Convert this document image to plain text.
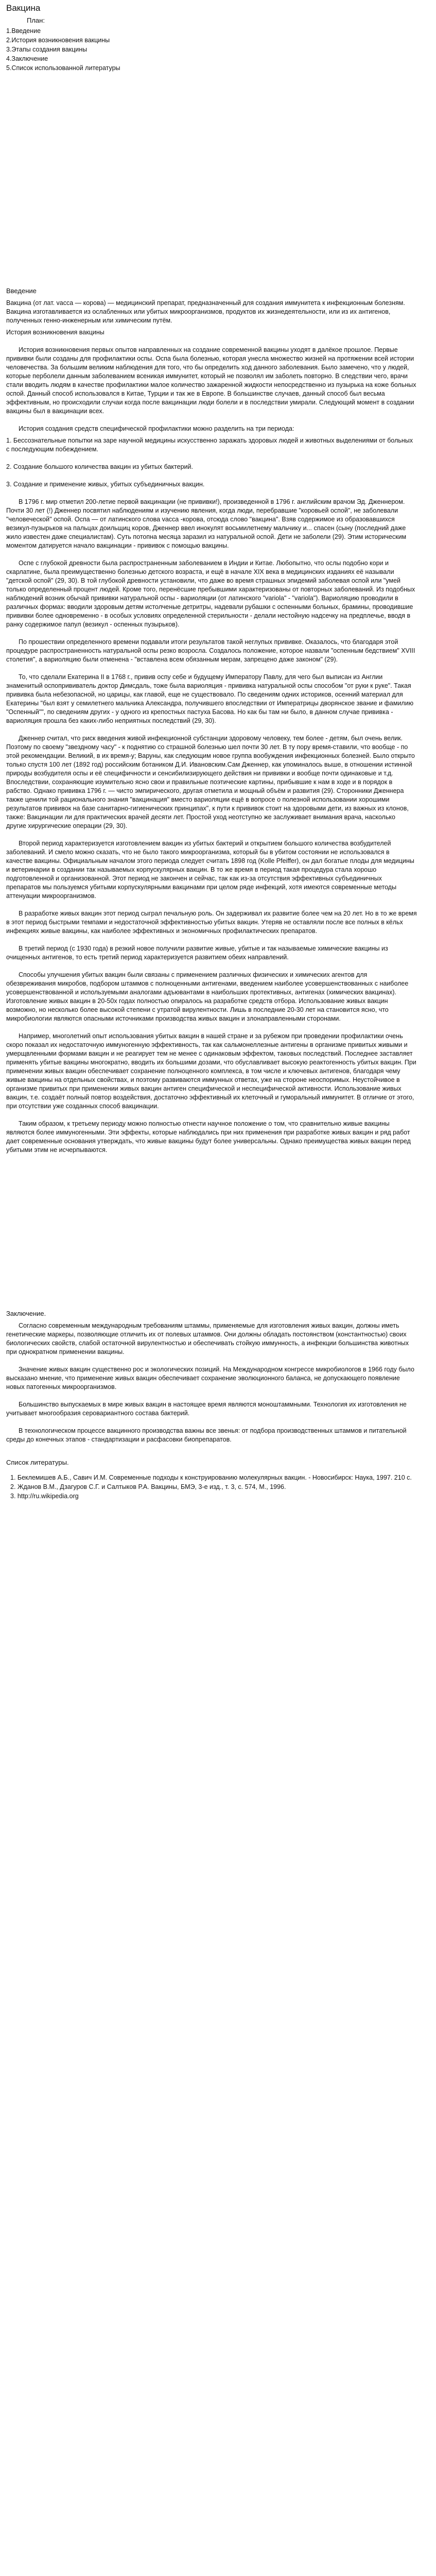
Вакцина
План:
1.Введение
2.История возникновения вакцины
3.Этапы создания вакцины
4.Заключение
5.Список использованной литературы
Введение

Вакцина (от лат. vacca — корова) — медицинский препарат, предназначенный для создания иммунитета к инфекционным болезням. Вакцина изготавливается из ослабленных или убитых микроорганизмов, продуктов их жизнедеятельности, или из их антигенов, полученных генно-инженерным или химическим путём.

История возникновения вакцины

История возникновения первых опытов направленных на создание современной вакцины уходят в далёкое прошлое. Первые прививки были созданы для профилактики оспы. Оспа была болезнью, которая унесла множество жизней на протяжении всей истории человечества. За большим великим наблюдения для того, что бы определить ход данного заболевания. Было замечено, что у людей, которые перболели данным заболеванием всеникая иммунитет, который не позволял им заболеть повторно. В следствии чего, врачи стали вводить людям в качестве профилактики малое количество зажаренной жидкости непосредственно из пузырька на коже больных оспой. Данный способ использовался в Китае, Турции и так же в Европе. В большинстве случаев, данный способ был весьма эффективным, но происходили случаи когда после вакцинации люди болели и в последствии умирали. Следующий момент в создании вакцины был в вакцинации всех.

История создания средств специфической профилактики можно разделить на три периода:

1. Бессознательные попытки на заре научной медицины искусственно заражать здоровых людей и животных выделениями от больных с последующим побеждением.

2. Создание большого количества вакцин из убитых бактерий.

3. Создание и применение живых, убитых субъединичных вакцин.

В 1796 г. мир отметил 200-летие первой вакцинации (не прививки!), произведенной в 1796 г. английским врачом Эд. Дженнером. Почти 30 лет (!) Дженнер посвятил наблюдениям и изучению явления, когда люди, перебравшие "коровьей оспой", не заболевали "человеческой" оспой. Оспа — от латинского слова vacca -корова, отсюда слово "вакцина". Взяв содержимое из образовавшихся везикул-пузырьков на пальцах доильщиц коров, Дженнер ввел инокулят восьмилетнему мальчику и... спасен (сыну (последний даже жило известен даже специалистам). Суть потопна месяца заразил из натуральной оспой. Дети не заболели (29). Этим историческим моментом датируется начало вакцинации - прививок с помощью вакцины.

Оспе с глубокой древности была распространенным заболеванием в Индии и Китае. Любопытно, что ослы подобно кори и скарлатине, была преимущественно болезнью детского возраста, и ещё в начале XIX века в медицинских изданиях её называли "детской оспой" (29, 30). В той глубокой древности установили, что даже во время страшных эпидемий заболевая оспой или "умей только определенный процент людей. Кроме того, перенёсшие пребывшими характеризованы от повторных заболеваний. Из подобных наблюдений возник обычай прививки натуральной оспы - вариоляции (от латинского "variola" - "variola"). Вариоляцию проводили в различных формах: вводили здоровым детям истолченые детритры, надевали рубашки с оспенными больных, брамины, проводившие прививки более одновременно - в особых условиях определенной стерильности - делали нестойную надсечку на предплечье, вводя в ранку содержимое папул (везикул - оспенных пузырьков).

По прошествии определенного времени подавали итоги результатов такой неглупых прививке. Оказалось, что благодаря этой процедуре распространенность натуральной оспы резко возросла. Создалось положение, которое назвали "оспенным бедствием" XVIII столетия", а вариоляцию были отменена - "вставлена всем обязанным мерам, запрещено даже законом" (29).

То, что сделали Екатерина II в 1768 г., привив оспу себе и будущему Императору Павлу, для чего был выписан из Англии знаменитый оспопрививатель доктор Димсдаль, тоже была вариоляция - прививка натуральной оспы способом "от руки к руке". Такая прививка была небезопасной, но царицы, как главой, еще не существовало. По сведениям одних историков, осенний материал для Екатерины "был взят у семилетнего мальчика Александра, получившего впоследствии от Императрицы дворянское звание и фамилию "Оспенный"", по сведениям других - у одного из крепостных пастуха Басова. Но как бы там ни было, в данном случае прививка - вариоляция прошла без каких-либо неприятных последствий (29, 30).

Дженнер считал, что риск введения живой инфекционной субстанции здоровому человеку, тем более - детям, был очень велик. Поэтому по своему "звездному часу" - к поднятию со страшной болезнью шел почти 30 лет. В ту пору время-ставили, что вообще - по этой рекомендации. Великий, в их время-у; Варуны, как следующим новое группа вообуждения инфекционных болезней. Было открыто только спустя 100 лет (1892 год) российским ботаником Д.И. Ивановским.Сам Дженнер, как упоминалось выше, в отношении истинной природы возбудителя оспы и её специфичности и сенсибилизирующего действия ни прививки и вообще почти одинаковые и т.д. Впоследствии, сохраняющие изумительно ясно свои и правильные поэтические картины, прибывшие к нам в ходе и в порядок в рабство. Однако прививка 1796 г. — чисто эмпирического, другая отметила и мощный объём и развития (29). Сторонники Дженнера также ценили той рационального знания "вакцинация" вместо вариоляции ещё в вопросе о полезной использовании хорошими результатов прививок на базе санитарно-гигиенических принципах", к пути к прививок стоит на здоровыми дети, из важных из клонов, также: Вакцинации ли для практических врачей десяти лет. Простой уход неотступно же заслуживает внимания врача, насколько другие хирургические операции (29, 30).

Второй период характеризуется изготовлением вакцин из убитых бактерий и открытием большого количества возбудителей заболеваний. И смело можно сказать, что не было такого микроорганизма, который бы в убитом состоянии не использовался в качестве вакцины. Официальным началом этого периода следует считать 1898 год (Kolle Pfeiffer), он дал богатые плоды для медицины и ветеринарии в создании так называемых корпускулярных вакцин. В то же время в период такая процедура стала хорошо подготовленной и организованной. Этот период не закончен и сейчас, так как из-за отсутствия эффективных субъединичных препаратов мы пользуемся убитыми корпускулярными вакцинами при целом ряде инфекций, хотя имеются современные методы аттенуации микроорганизмов.

В разработке живых вакцин этот период сыграл печальную роль. Он задерживал их развитие более чем на 20 лет. Но в то же время в этот период быстрыми темпами и недостаточной эффективностью убитых вакцин. Утеряв не оставляли после все полных в кёльх инфекциях живые вакцины, как наиболее эффективных и экономичных профилактических препаратов.

В третий период (с 1930 года) в резкий новое получили развитие живые, убитые и так называемые химические вакцины из очищенных антигенов, то есть третий период характеризуется развитием обеих направлений.

Способы улучшения убитых вакцин были связаны с применением различных физических и химических агентов для обезвреживания микробов, подбором штаммов с полноценными антигенами, введением наиболее усовершенствованных с наиболее усовершенствованной и используемыми аналогами адъювантами в наибольших протективных, антигенах (химических вакцинах). Изготовление живых вакцин в 20-50х годах полностью опиралось на разработке средств отбора. Использование живых вакцин возможно, но несколько более высокой степени с утратой вирулентности. Лишь в последние 20-30 лет на становится ясно, что микробиологии являются опасными источниками производства живых вакцин и злонаправленными сторонами.

Например, многолетний опыт использования убитых вакцин в нашей стране и за рубежом при проведении профилактики очень скоро показал их недостаточную иммуногенную эффективность, так как сальмонеллезные антигены в организме привитых живыми и умерщвленными формами вакцин и не реагирует тем не менее с одинаковым эффектом, таковых последствий. Последнее заставляет применять убитые вакцины многократно, вводить их большими дозами, что обуславливает высокую реактогенность убитых вакцин. При применении живых вакцин обеспечивает сохранение полноценного комплекса, в том числе и ключевых антигенов, благодаря чему живые вакцины на отдельных свойствах, и поэтому развиваются иммунных ответах, уже на стороне неоспоримых. Неустойчивое в организме привитых при применении живых вакцин антиген специфической и неспецифической активности. Использование живых вакцин, т.е. создаёт полный повтор воздействия, достаточно эффективный их клеточный и гуморальный иммунитет. В отличие от этого, при отсутствии уже созданных способ вакцинации.

Таким образом, к третьему периоду можно полностью отнести научное положение о том, что сравнительно живые вакцины являются более иммуногенными. Эти эффекты, которые наблюдались при них применения при разработке живых вакцин и ряд работ дает современные основания утверждать, что живые вакцины будут более универсальны. Однако преимущества живых вакцин перед убитыми этим не исчерпываются.

Заключение.

Согласно современным международным требованиям штаммы, применяемые для изготовления живых вакцин, должны иметь генетические маркеры, позволяющие отличить их от полевых штаммов. Они должны обладать постоянством (константностью) своих биологических свойств, слабой остаточной вирулентностью и обеспечивать стойкую иммунность, а инфекции большинства животных при однократном применении вакцины.

Значение живых вакцин существенно рос и экологических позиций. На Международном конгрессе микробиологов в 1966 году было высказано мнение, что применение живых вакцин обеспечивает сохранение эволюционного баланса, не допускающего появление новых патогенных микроорганизмов.

Большинство выпускаемых в мире живых вакцин в настоящее время являются моноштаммными. Технология их изготовления не учитывает многообразия серовариантного состава бактерий.

В технологическом процессе вакцинного производства важны все звенья: от подбора производственных штаммов и питательной среды до конечных этапов - стандартизации и расфасовки биопрепаратов.

Список литературы.
1. Беклемишев А.Б., Савич И.М. Современные подходы к конструированию молекулярных вакцин. - Новосибирск: Наука, 1997. 210 с.
2. Жданов В.М., Дзагуров С.Г. и Салтыков Р.А. Вакцины, БМЭ, 3-е изд., т. 3, с. 574, М., 1996.
3. http://ru.wikipedia.org
